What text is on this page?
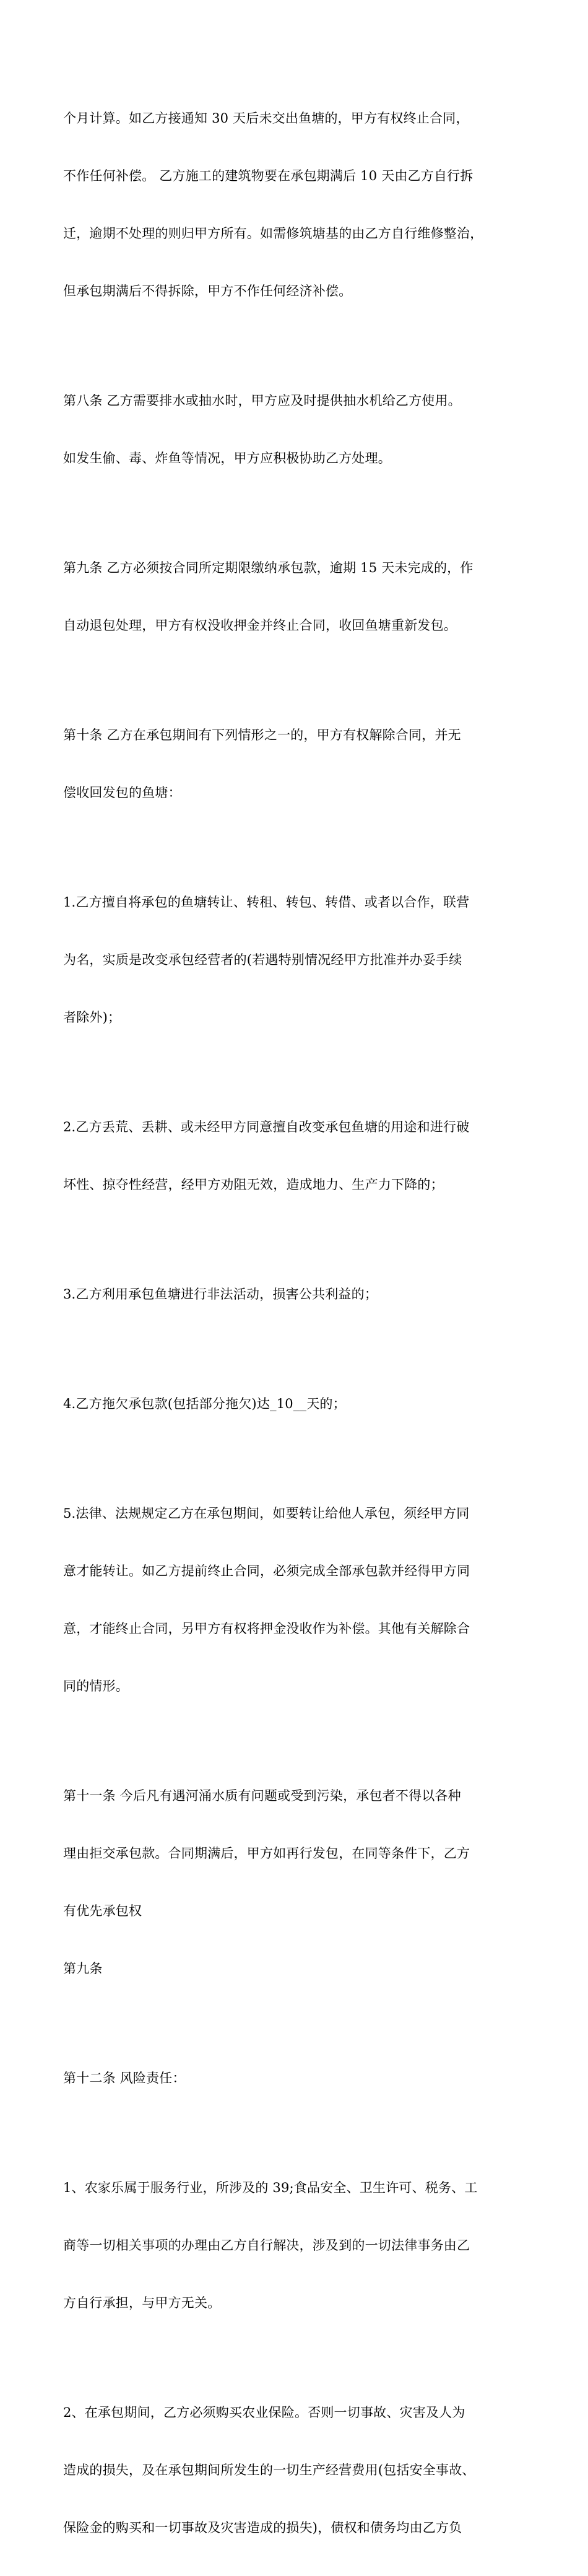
个月计算。如乙方接通知 30 天后未交出鱼塘的，甲方有权终止合同，

不作任何补偿。 乙方施工的建筑物要在承包期满后 10 天由乙方自行拆

迁，逾期不处理的则归甲方所有。如需修筑塘基的由乙方自行维修整治，

但承包期满后不得拆除，甲方不作任何经济补偿。

第八条 乙方需要排水或抽水时，甲方应及时提供抽水机给乙方使用。

如发生偷、毒、炸鱼等情况，甲方应积极协助乙方处理。

第九条 乙方必须按合同所定期限缴纳承包款，逾期 15 天未完成的，作

自动退包处理，甲方有权没收押金并终止合同，收回鱼塘重新发包。

第十条 乙方在承包期间有下列情形之一的，甲方有权解除合同，并无

偿收回发包的鱼塘：

1.乙方擅自将承包的鱼塘转让、转租、转包、转借、或者以合作，联营

为名，实质是改变承包经营者的(若遇特别情况经甲方批准并办妥手续

者除外)；

2.乙方丢荒、丢耕、或未经甲方同意擅自改变承包鱼塘的用途和进行破

坏性、掠夺性经营，经甲方劝阻无效，造成地力、生产力下降的；

3.乙方利用承包鱼塘进行非法活动，损害公共利益的；

4.乙方拖欠承包款(包括部分拖欠)达_10__天的；

5.法律、法规规定乙方在承包期间，如要转让给他人承包，须经甲方同

意才能转让。如乙方提前终止合同，必须完成全部承包款并经得甲方同

意，才能终止合同，另甲方有权将押金没收作为补偿。其他有关解除合

同的情形。

第十一条 今后凡有遇河涌水质有问题或受到污染，承包者不得以各种

理由拒交承包款。合同期满后，甲方如再行发包，在同等条件下，乙方

有优先承包权

第九条

第十二条 风险责任：

1、农家乐属于服务行业，所涉及的 39;食品安全、卫生许可、税务、工

商等一切相关事项的办理由乙方自行解决，涉及到的一切法律事务由乙

方自行承担，与甲方无关。

2、在承包期间，乙方必须购买农业保险。否则一切事故、灾害及人为

造成的损失，及在承包期间所发生的一切生产经营费用(包括安全事故、

保险金的购买和一切事故及灾害造成的损失)，债权和债务均由乙方负
